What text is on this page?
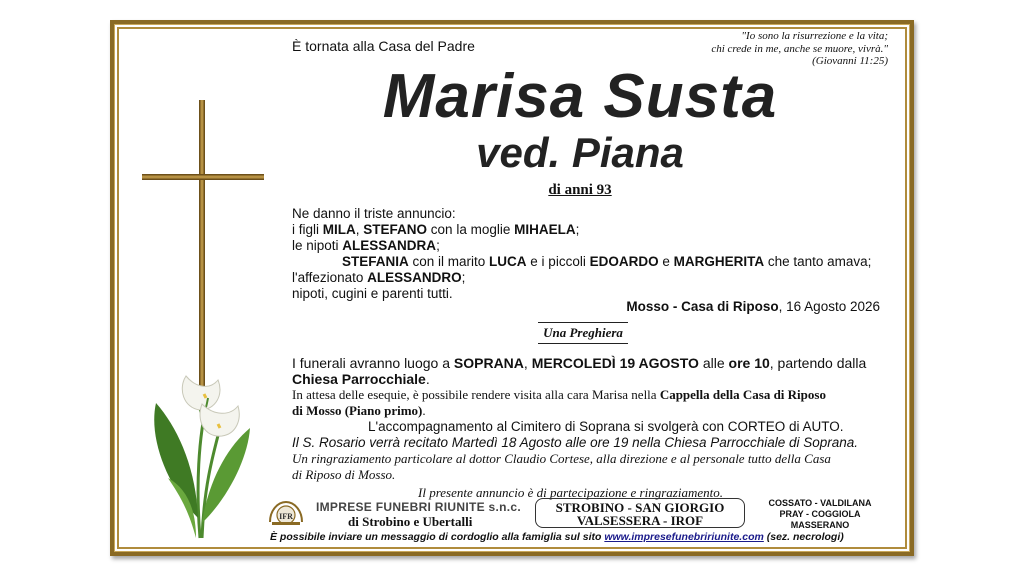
È tornata alla Casa del Padre
"Io sono la risurrezione e la vita;
chi crede in me, anche se muore, vivrà."
(Giovanni 11:25)
Marisa Susta
ved. Piana
di anni 93
Ne danno il triste annuncio:
i figli MILA, STEFANO con la moglie MIHAELA;
le nipoti ALESSANDRA;
STEFANIA con il marito LUCA e i piccoli EDOARDO e MARGHERITA che tanto amava;
l'affezionato ALESSANDRO;
nipoti, cugini e parenti tutti.
Mosso - Casa di Riposo, 16 Agosto 2026
Una Preghiera
I funerali avranno luogo a SOPRANA, MERCOLEDÌ 19 AGOSTO alle ore 10, partendo dalla
Chiesa Parrocchiale.
In attesa delle esequie, è possibile rendere visita alla cara Marisa nella Cappella della Casa di Riposo
di Mosso (Piano primo).
L'accompagnamento al Cimitero di Soprana si svolgerà con CORTEO di AUTO.
Il S. Rosario verrà recitato Martedì 18 Agosto alle ore 19 nella Chiesa Parrocchiale di Soprana.
Un ringraziamento particolare al dottor Claudio Cortese, alla direzione e al personale tutto della Casa
di Riposo di Mosso.
Il presente annuncio è di partecipazione e ringraziamento.
IFR
IMPRESE FUNEBRI RIUNITE s.n.c.
di Strobino e Ubertalli
STROBINO - SAN GIORGIO
VALSESSERA - IROF
COSSATO - VALDILANA
PRAY - COGGIOLA
MASSERANO
È possibile inviare un messaggio di cordoglio alla famiglia sul sito www.impresefunebririunite.com (sez. necrologi)
